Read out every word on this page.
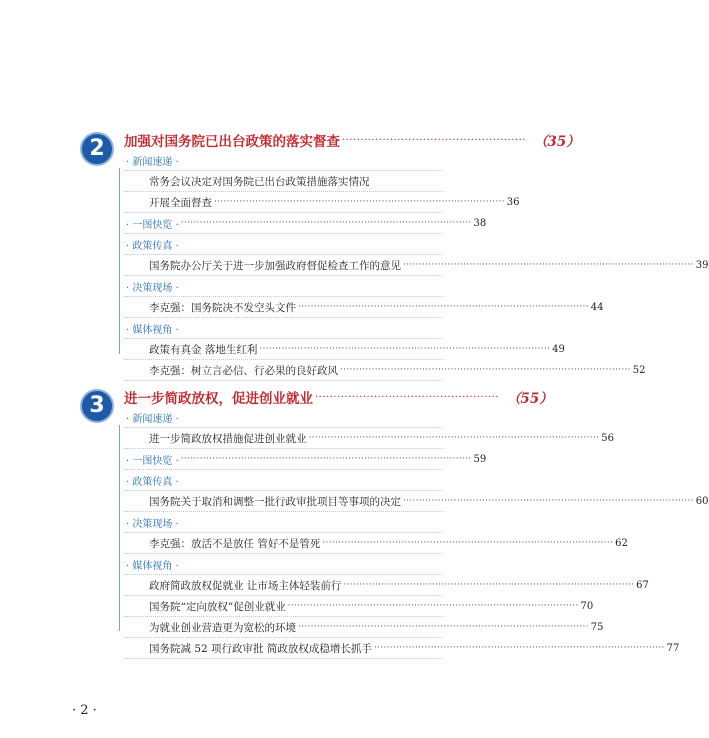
2 加强对国务院已出台政策的落实督查 ·················································· （35）
· 新闻速递 ·
常务会议决定对国务院已出台政策措施落实情况
开展全面督查 ···························································································· 36
· 一图快览 · ···························································································· 38
· 政策传真 ·
国务院办公厅关于进一步加强政府督促检查工作的意见 ···························································································· 39
· 决策现场 ·
李克强：国务院决不发空头文件 ···························································································· 44
· 媒体视角 ·
政策有真金 落地生红利 ···························································································· 49
李克强：树立言必信、行必果的良好政风 ···························································································· 52
3 进一步简政放权，促进创业就业 ·················································· （55）
· 新闻速递 ·
进一步简政放权措施促进创业就业 ···························································································· 56
· 一图快览 · ···························································································· 59
· 政策传真 ·
国务院关于取消和调整一批行政审批项目等事项的决定 ···························································································· 60
· 决策现场 ·
李克强：放活不是放任 管好不是管死 ···························································································· 62
· 媒体视角 ·
政府简政放权促就业 让市场主体轻装前行 ···························································································· 67
国务院“定向放权”促创业就业 ···························································································· 70
为就业创业营造更为宽松的环境 ···························································································· 75
国务院减 52 项行政审批 简政放权成稳增长抓手 ···························································································· 77
· 2 ·
